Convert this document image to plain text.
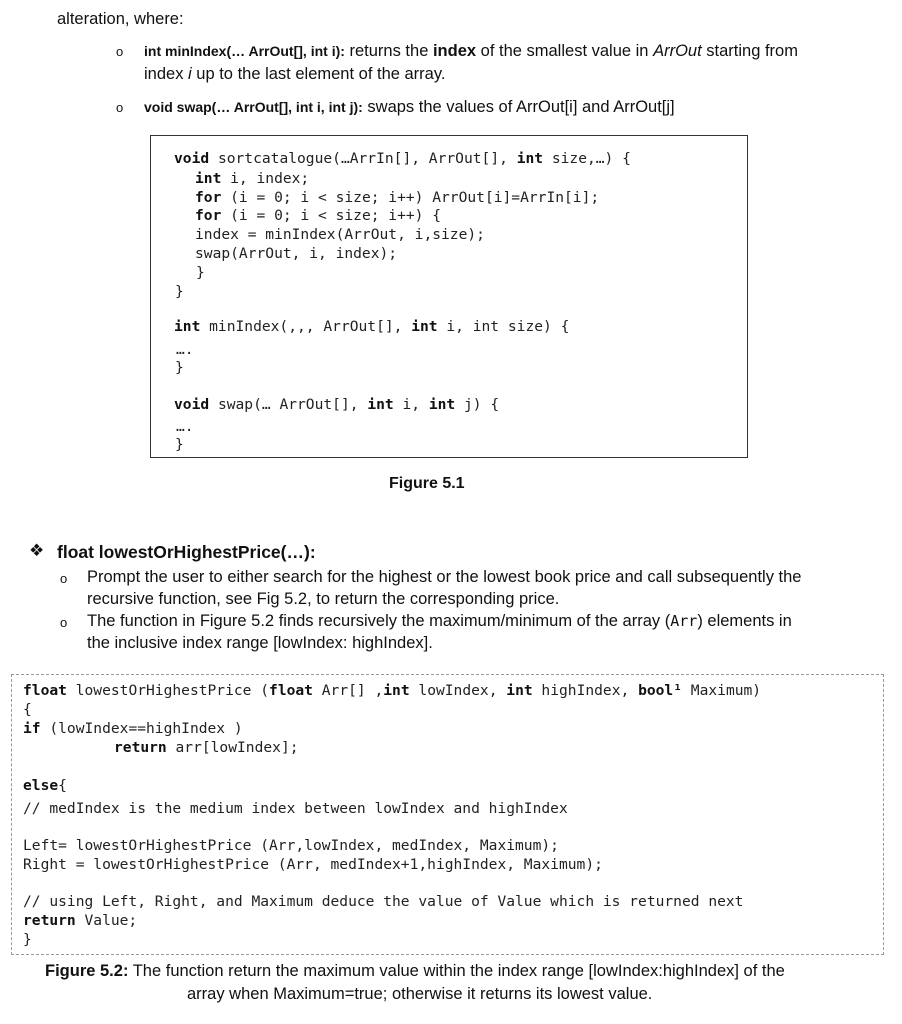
alteration, where:
o int minIndex(… ArrOut[], int i): returns the index of the smallest value in ArrOut starting from
index i up to the last element of the array.
o void swap(… ArrOut[], int i, int j): swaps the values of ArrOut[i] and ArrOut[j]
void sortcatalogue(…ArrIn[], ArrOut[], int size,…) {
int i, index;
for (i = 0; i < size; i++) ArrOut[i]=ArrIn[i];
for (i = 0; i < size; i++) {
index = minIndex(ArrOut, i,size);
swap(ArrOut, i, index);
}
}
int minIndex(,,, ArrOut[], int i, int size) {
….
}
void swap(… ArrOut[], int i, int j) {
….
}
Figure 5.1
❖ float lowestOrHighestPrice(…):
o Prompt the user to either search for the highest or the lowest book price and call subsequently the
recursive function, see Fig 5.2, to return the corresponding price.
o The function in Figure 5.2 finds recursively the maximum/minimum of the array (Arr) elements in
the inclusive index range [lowIndex: highIndex].
float lowestOrHighestPrice (float Arr[] ,int lowIndex, int highIndex, bool¹ Maximum)
{
if (lowIndex==highIndex )
return arr[lowIndex];
else{
// medIndex is the medium index between lowIndex and highIndex
Left= lowestOrHighestPrice (Arr,lowIndex, medIndex, Maximum);
Right = lowestOrHighestPrice (Arr, medIndex+1,highIndex, Maximum);
// using Left, Right, and Maximum deduce the value of Value which is returned next
return Value;
}
Figure 5.2: The function return the maximum value within the index range [lowIndex:highIndex] of the
array when Maximum=true; otherwise it returns its lowest value.
